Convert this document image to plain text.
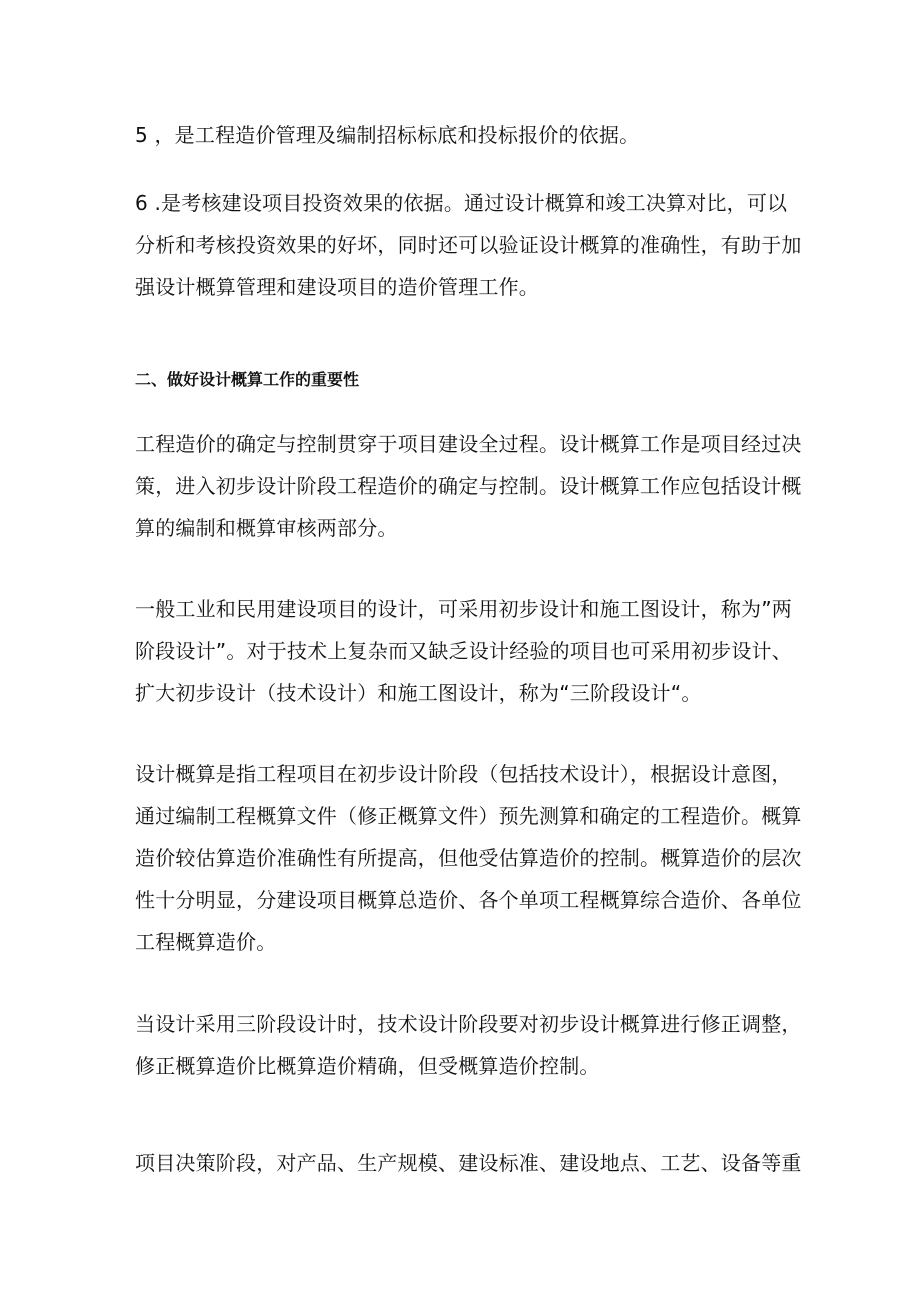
5 ，是工程造价管理及编制招标标底和投标报价的依据。

6 .是考核建设项目投资效果的依据。通过设计概算和竣工决算对比，可以
分析和考核投资效果的好坏，同时还可以验证设计概算的准确性，有助于加
强设计概算管理和建设项目的造价管理工作。

二、做好设计概算工作的重要性

工程造价的确定与控制贯穿于项目建设全过程。设计概算工作是项目经过决
策，进入初步设计阶段工程造价的确定与控制。设计概算工作应包括设计概
算的编制和概算审核两部分。

一般工业和民用建设项目的设计，可采用初步设计和施工图设计，称为”两
阶段设计”。对于技术上复杂而又缺乏设计经验的项目也可采用初步设计、
扩大初步设计（技术设计）和施工图设计，称为“三阶段设计“。

设计概算是指工程项目在初步设计阶段（包括技术设计），根据设计意图，
通过编制工程概算文件（修正概算文件）预先测算和确定的工程造价。概算
造价较估算造价准确性有所提高，但他受估算造价的控制。概算造价的层次
性十分明显，分建设项目概算总造价、各个单项工程概算综合造价、各单位
工程概算造价。

当设计采用三阶段设计时，技术设计阶段要对初步设计概算进行修正调整，
修正概算造价比概算造价精确，但受概算造价控制。

项目决策阶段，对产品、生产规模、建设标准、建设地点、工艺、设备等重
